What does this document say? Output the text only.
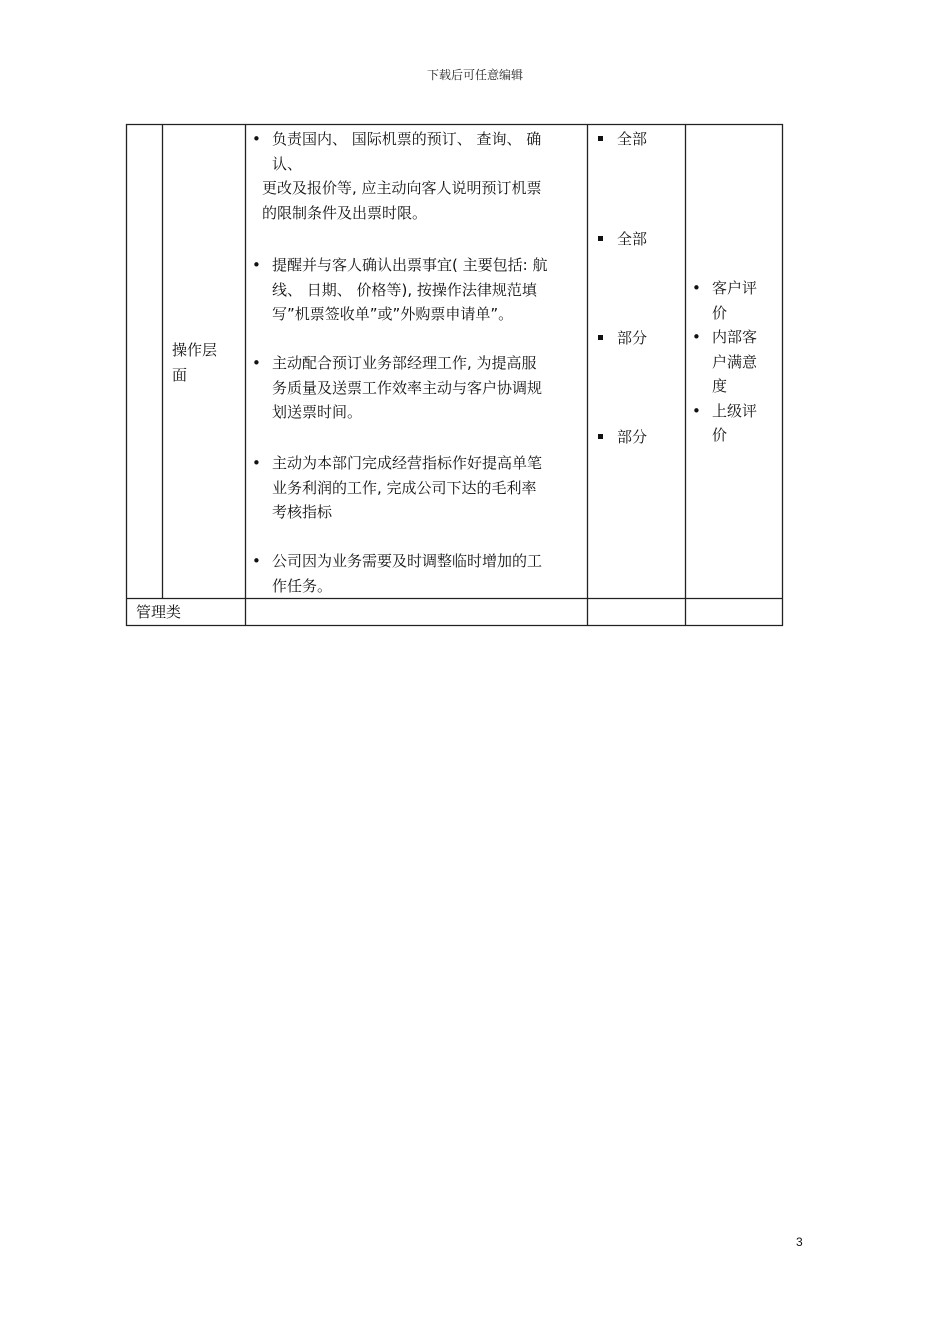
下载后可任意编辑
操作层
面
• 负责国内、 国际机票的预订、 查询、 确
认、
更改及报价等, 应主动向客人说明预订机票
的限制条件及出票时限。
• 提醒并与客人确认出票事宜( 主要包括: 航
线、 日期、 价格等), 按操作法律规范填
写”机票签收单”或”外购票申请单”。
• 主动配合预订业务部经理工作, 为提高服
务质量及送票工作效率主动与客户协调规
划送票时间。
• 主动为本部门完成经营指标作好提高单笔
业务利润的工作, 完成公司下达的毛利率
考核指标
• 公司因为业务需要及时调整临时增加的工
作任务。
全部
全部
部分
部分
• 客户评
价
• 内部客
户满意
度
• 上级评
价
管理类
3
